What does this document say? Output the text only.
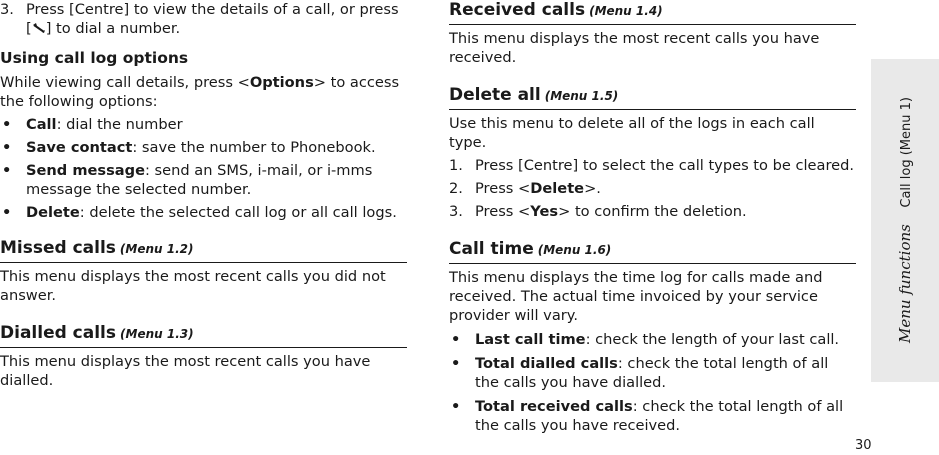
3. Press [Centre] to view the details of a call, or press
[ ] to dial a number.
Using call log options

While viewing call details, press <Options> to access the following options:

• Call: dial the number
• Save contact: save the number to Phonebook.
• Send message: send an SMS, i-mail, or i-mms message the selected number.
• Delete: delete the selected call log or all call logs.
Missed calls (Menu 1.2)

This menu displays the most recent calls you did not answer.

Dialled calls (Menu 1.3)

This menu displays the most recent calls you have dialled.

Received calls (Menu 1.4)

This menu displays the most recent calls you have received.

Delete all (Menu 1.5)

Use this menu to delete all of the logs in each call type.

1. Press [Centre] to select the call types to be cleared.
2. Press <Delete>.
3. Press <Yes> to confirm the deletion.
Call time (Menu 1.6)

This menu displays the time log for calls made and received. The actual time invoiced by your service provider will vary.

• Last call time: check the length of your last call.
• Total dialled calls: check the total length of all the calls you have dialled.
• Total received calls: check the total length of all the calls you have received.
Menu functions    Call log (Menu 1)
30
